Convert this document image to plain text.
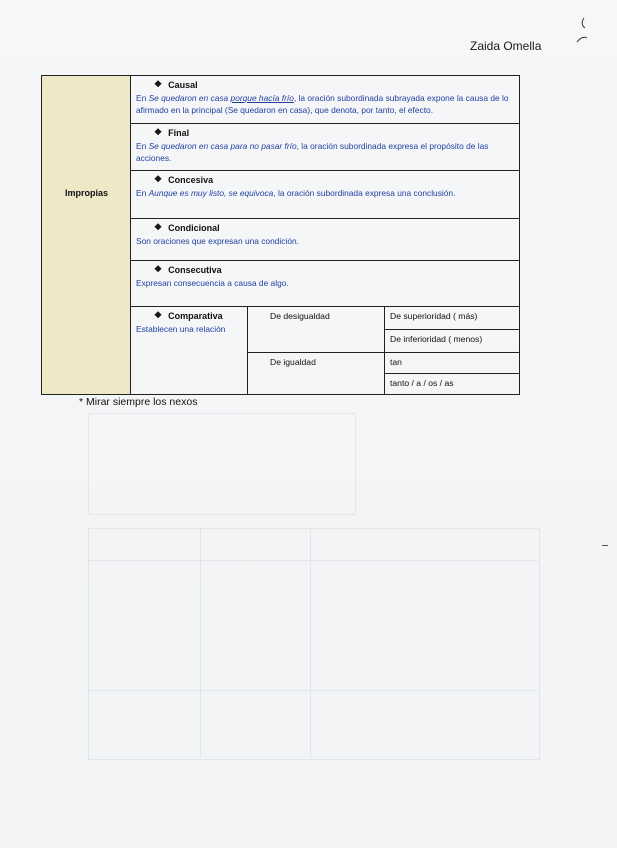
Zaida Omella
Impropias
❖ Causal
En Se quedaron en casa porque hacía frío, la oración subordinada subrayada expone la causa de lo afirmado en la principal (Se quedaron en casa), que denota, por tanto, el efecto.
❖ Final
En Se quedaron en casa para no pasar frío, la oración subordinada expresa el propósito de las acciones.
❖ Concesiva
En Aunque es muy listo, se equivoca, la oración subordinada expresa una conclusión.
❖ Condicional
Son oraciones que expresan una condición.
❖ Consecutiva
Expresan consecuencia a causa de algo.
❖ Comparativa
Establecen una relación
De desigualdad
De igualdad
De superioridad ( más)
De inferioridad ( menos)
tan
tanto / a / os / as
* Mirar siempre los nexos
